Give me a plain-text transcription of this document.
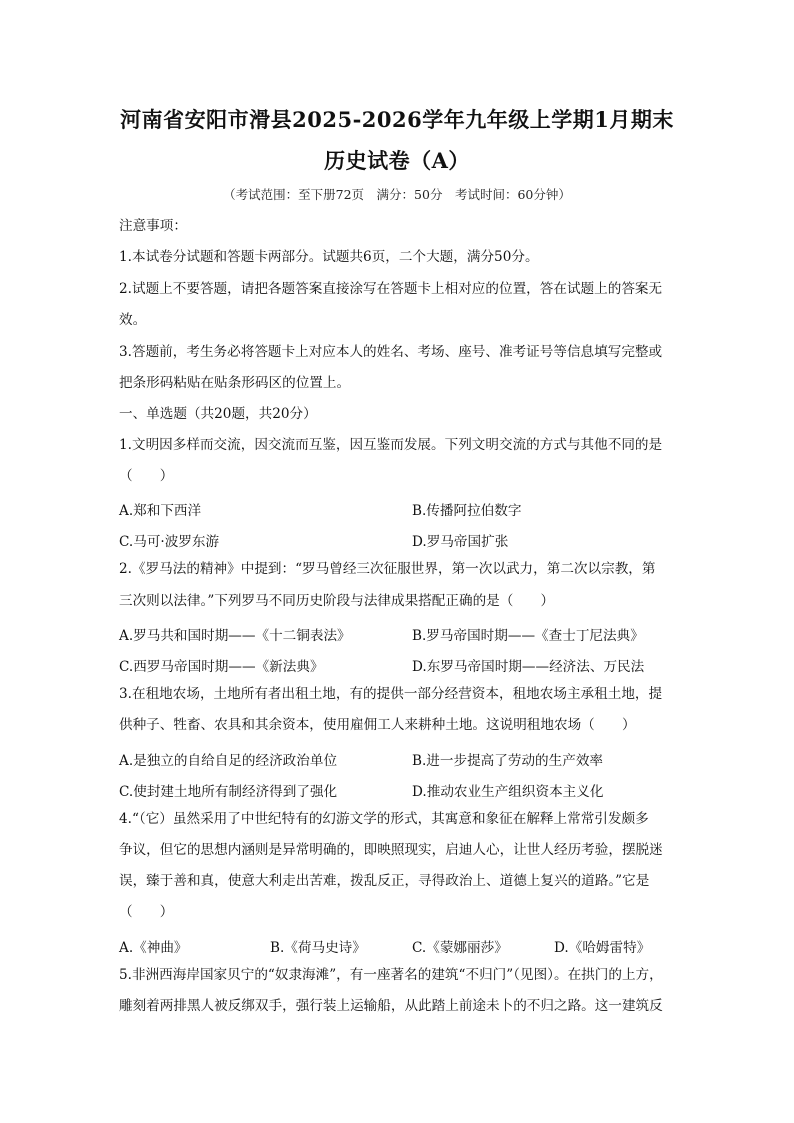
河南省安阳市滑县2025-2026学年九年级上学期1月期末
历史试卷（A）
（考试范围：至下册72页　满分：50分　考试时间：60分钟）
注意事项：
1.本试卷分试题和答题卡两部分。试题共6页，二个大题，满分50分。
2.试题上不要答题，请把各题答案直接涂写在答题卡上相对应的位置，答在试题上的答案无
效。
3.答题前，考生务必将答题卡上对应本人的姓名、考场、座号、准考证号等信息填写完整或
把条形码粘贴在贴条形码区的位置上。
一、单选题（共20题，共20分）
1.文明因多样而交流，因交流而互鉴，因互鉴而发展。下列文明交流的方式与其他不同的是
（　　）
A.郑和下西洋	B.传播阿拉伯数字
C.马可·波罗东游	D.罗马帝国扩张
2.《罗马法的精神》中提到：“罗马曾经三次征服世界，第一次以武力，第二次以宗教，第
三次则以法律。”下列罗马不同历史阶段与法律成果搭配正确的是（　　）
A.罗马共和国时期——《十二铜表法》	B.罗马帝国时期——《查士丁尼法典》
C.西罗马帝国时期——《新法典》	D.东罗马帝国时期——经济法、万民法
3.在租地农场，土地所有者出租土地，有的提供一部分经营资本，租地农场主承租土地，提
供种子、牲畜、农具和其余资本，使用雇佣工人来耕种土地。这说明租地农场（　　）
A.是独立的自给自足的经济政治单位	B.进一步提高了劳动的生产效率
C.使封建土地所有制经济得到了强化	D.推动农业生产组织资本主义化
4.“（它）虽然采用了中世纪特有的幻游文学的形式，其寓意和象征在解释上常常引发颇多
争议，但它的思想内涵则是异常明确的，即映照现实，启迪人心，让世人经历考验，摆脱迷
误，臻于善和真，使意大利走出苦难，拨乱反正，寻得政治上、道德上复兴的道路。”它是
（　　）
A.《神曲》	B.《荷马史诗》	C.《蒙娜丽莎》	D.《哈姆雷特》
5.非洲西海岸国家贝宁的“奴隶海滩”，有一座著名的建筑“不归门”（见图）。在拱门的上方，
雕刻着两排黑人被反绑双手，强行装上运输船，从此踏上前途未卜的不归之路。这一建筑反
